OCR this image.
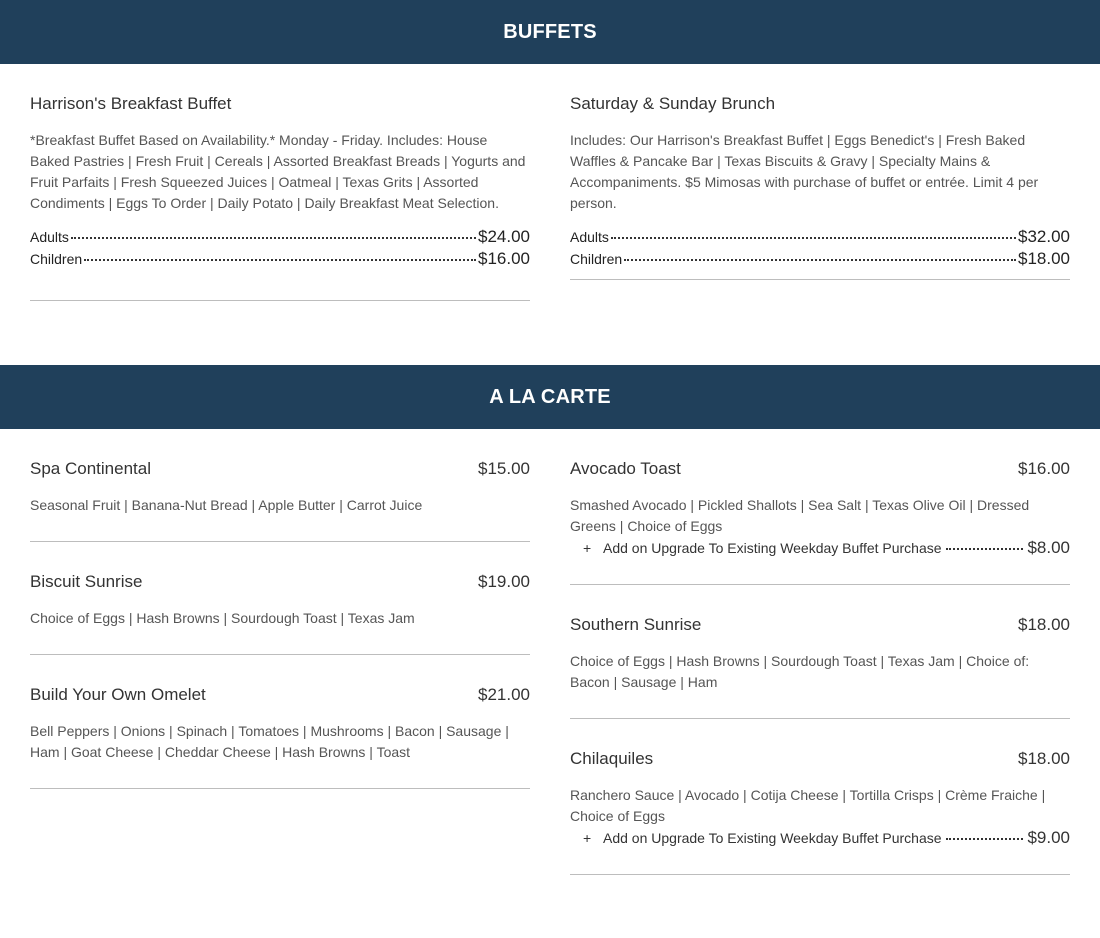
BUFFETS
Harrison's Breakfast Buffet
*Breakfast Buffet Based on Availability.* Monday - Friday. Includes: House Baked Pastries | Fresh Fruit | Cereals | Assorted Breakfast Breads | Yogurts and Fruit Parfaits | Fresh Squeezed Juices | Oatmeal | Texas Grits | Assorted Condiments | Eggs To Order | Daily Potato | Daily Breakfast Meat Selection.
Adults	$24.00
Children	$16.00
Saturday & Sunday Brunch
Includes: Our Harrison's Breakfast Buffet | Eggs Benedict's | Fresh Baked Waffles & Pancake Bar | Texas Biscuits & Gravy | Specialty Mains & Accompaniments. $5 Mimosas with purchase of buffet or entrée. Limit 4 per person.
Adults	$32.00
Children	$18.00
A LA CARTE
Spa Continental	$15.00
Seasonal Fruit | Banana-Nut Bread | Apple Butter | Carrot Juice
Biscuit Sunrise	$19.00
Choice of Eggs | Hash Browns | Sourdough Toast | Texas Jam
Build Your Own Omelet	$21.00
Bell Peppers | Onions | Spinach | Tomatoes | Mushrooms | Bacon | Sausage | Ham | Goat Cheese | Cheddar Cheese | Hash Browns | Toast
Avocado Toast	$16.00
Smashed Avocado | Pickled Shallots | Sea Salt | Texas Olive Oil | Dressed Greens | Choice of Eggs
+ Add on Upgrade To Existing Weekday Buffet Purchase	$8.00
Southern Sunrise	$18.00
Choice of Eggs | Hash Browns | Sourdough Toast | Texas Jam | Choice of: Bacon | Sausage | Ham
Chilaquiles	$18.00
Ranchero Sauce | Avocado | Cotija Cheese | Tortilla Crisps | Crème Fraiche | Choice of Eggs
+ Add on Upgrade To Existing Weekday Buffet Purchase	$9.00
